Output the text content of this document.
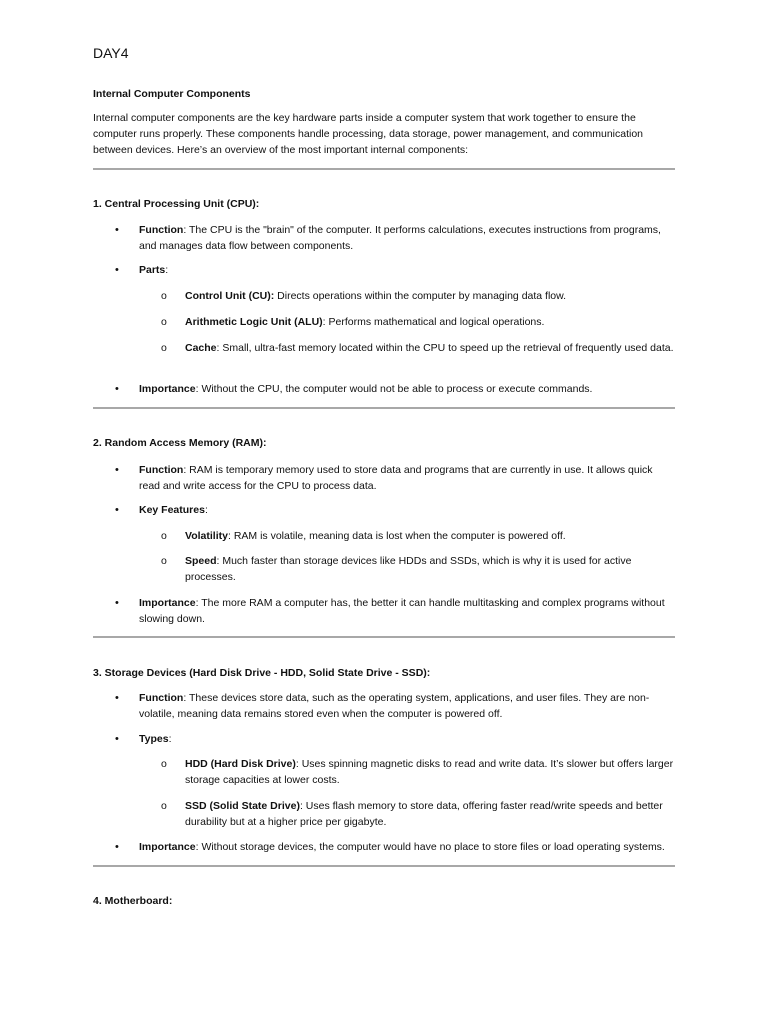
DAY4
Internal Computer Components
Internal computer components are the key hardware parts inside a computer system that work together to ensure the computer runs properly. These components handle processing, data storage, power management, and communication between devices. Here’s an overview of the most important internal components:
1. Central Processing Unit (CPU):
• Function: The CPU is the "brain" of the computer. It performs calculations, executes instructions from programs, and manages data flow between components.
• Parts:
o Control Unit (CU): Directs operations within the computer by managing data flow.
o Arithmetic Logic Unit (ALU): Performs mathematical and logical operations.
o Cache: Small, ultra-fast memory located within the CPU to speed up the retrieval of frequently used data.
• Importance: Without the CPU, the computer would not be able to process or execute commands.
2. Random Access Memory (RAM):
• Function: RAM is temporary memory used to store data and programs that are currently in use. It allows quick read and write access for the CPU to process data.
• Key Features:
o Volatility: RAM is volatile, meaning data is lost when the computer is powered off.
o Speed: Much faster than storage devices like HDDs and SSDs, which is why it is used for active processes.
• Importance: The more RAM a computer has, the better it can handle multitasking and complex programs without slowing down.
3. Storage Devices (Hard Disk Drive - HDD, Solid State Drive - SSD):
• Function: These devices store data, such as the operating system, applications, and user files. They are non-volatile, meaning data remains stored even when the computer is powered off.
• Types:
o HDD (Hard Disk Drive): Uses spinning magnetic disks to read and write data. It’s slower but offers larger storage capacities at lower costs.
o SSD (Solid State Drive): Uses flash memory to store data, offering faster read/write speeds and better durability but at a higher price per gigabyte.
• Importance: Without storage devices, the computer would have no place to store files or load operating systems.
4. Motherboard:
